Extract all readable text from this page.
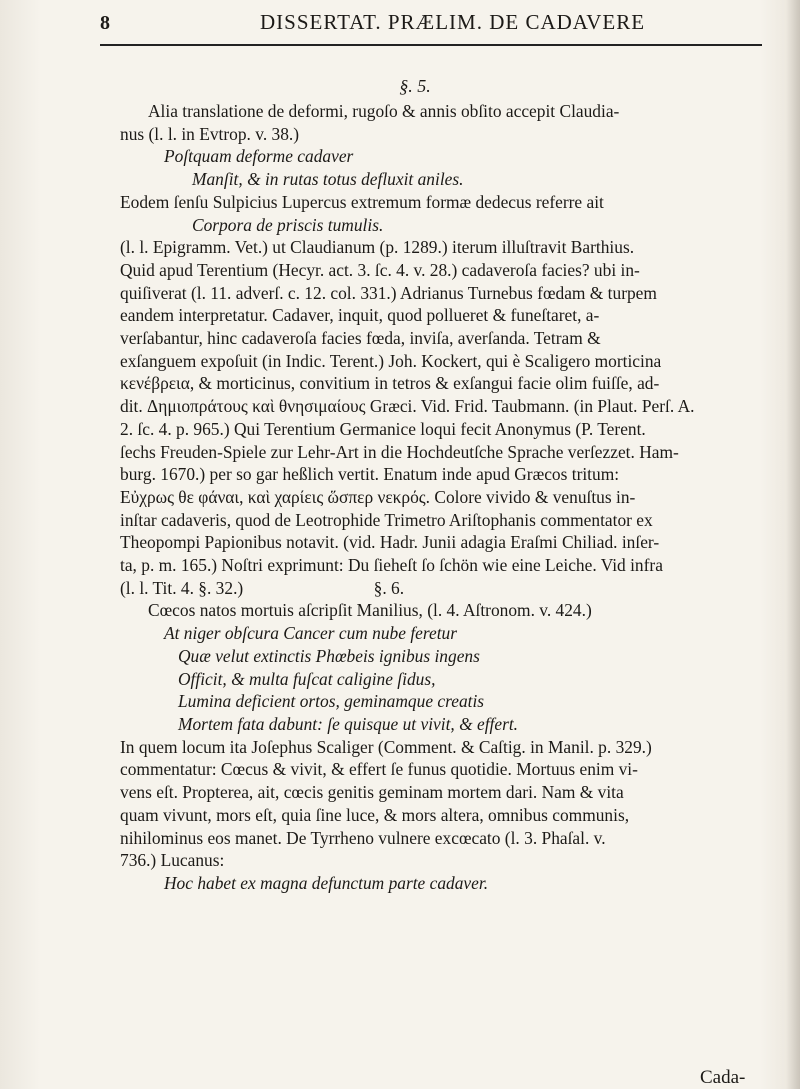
8	DISSERTAT. PRÆLIM. DE CADAVERE
§. 5.
Alia translatione de deformi, rugoſo & annis obſito accepit Claudia-
nus (l. l. in Evtrop. v. 38.)
Poſtquam deforme cadaver
Manſit, & in rutas totus defluxit aniles.
Eodem ſenſu Sulpicius Lupercus extremum formæ dedecus referre ait
Corpora de priscis tumulis.
(l. l. Epigramm. Vet.) ut Claudianum (p. 1289.) iterum illuſtravit Barthius.
Quid apud Terentium (Hecyr. act. 3. ſc. 4. v. 28.) cadaveroſa facies? ubi in-
quiſiverat (l. 11. adverſ. c. 12. col. 331.) Adrianus Turnebus fœdam & turpem
eandem interpretatur. Cadaver, inquit, quod pollueret & funeſtaret, a-
verſabantur, hinc cadaveroſa facies fœda, inviſa, averſanda. Tetram &
exſanguem expoſuit (in Indic. Terent.) Joh. Kockert, qui è Scaligero morticina
κενέβρεια, & morticinus, convitium in tetros & exſangui facie olim fuiſſe, ad-
dit. Δημιοπράτους καὶ θνησιμαίους Græci. Vid. Frid. Taubmann. (in Plaut. Perſ. A.
2. ſc. 4. p. 965.) Qui Terentium Germanice loqui fecit Anonymus (P. Terent.
ſechs Freuden-Spiele zur Lehr-Art in die Hochdeutſche Sprache verſezzet. Ham-
burg. 1670.) per so gar heßlich vertit. Enatum inde apud Græcos tritum:
Εὐχρως θε φάναι, καὶ χαρίεις ὥσπερ νεκρός. Colore vivido & venuſtus in-
inſtar cadaveris, quod de Leotrophide Trimetro Ariſtophanis commentator ex
Theopompi Papionibus notavit. (vid. Hadr. Junii adagia Eraſmi Chiliad. inſer-
ta, p. m. 165.) Noſtri exprimunt: Du ſieheſt ſo ſchön wie eine Leiche. Vid infra
(l. l. Tit. 4. §. 32.)                              §. 6.
Cœcos natos mortuis aſcripſit Manilius, (l. 4. Aſtronom. v. 424.)
At niger obſcura Cancer cum nube feretur
Quæ velut extinctis Phœbeis ignibus ingens
Officit, & multa fuſcat caligine ſidus,
Lumina deficient ortos, geminamque creatis
Mortem fata dabunt: ſe quisque ut vivit, & effert.
In quem locum ita Joſephus Scaliger (Comment. & Caſtig. in Manil. p. 329.)
commentatur: Cœcus & vivit, & effert ſe funus quotidie. Mortuus enim vi-
vens eſt. Propterea, ait, cœcis genitis geminam mortem dari. Nam & vita
quam vivunt, mors eſt, quia ſine luce, & mors altera, omnibus communis,
nihilominus eos manet. De Tyrrheno vulnere excœcato (l. 3. Phaſal. v.
736.) Lucanus:
Hoc habet ex magna defunctum parte cadaver.
Cada-
